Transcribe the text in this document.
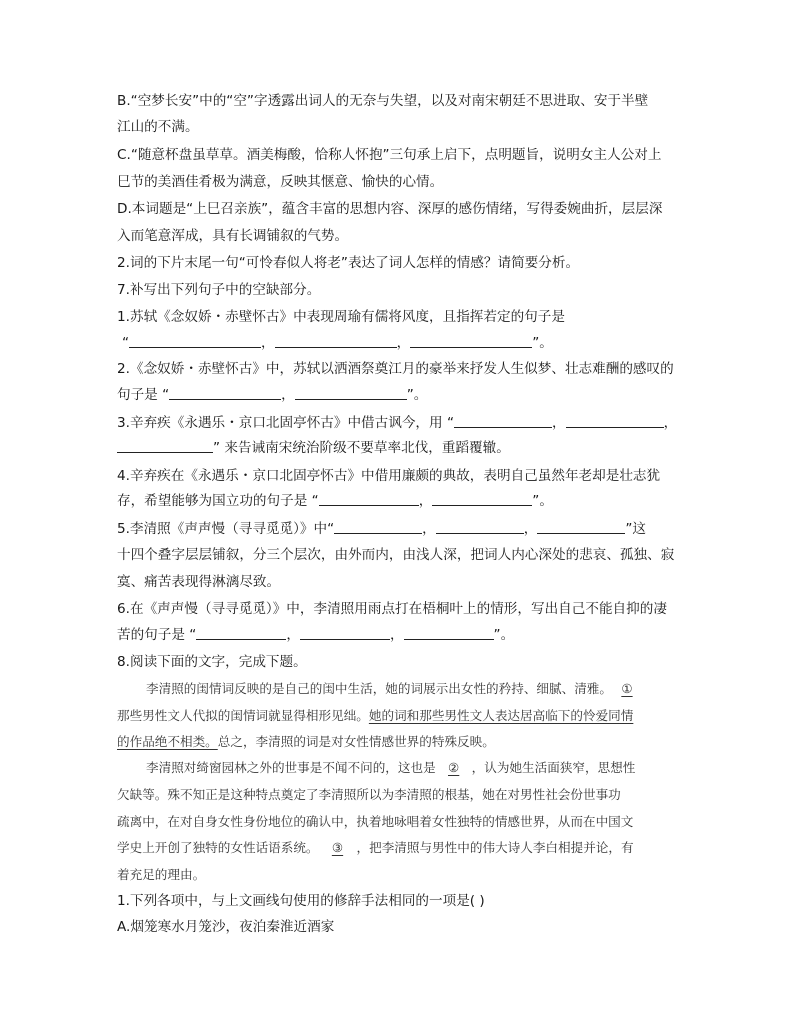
B.“空梦长安”中的“空”字透露出词人的无奈与失望，以及对南宋朝廷不思进取、安于半壁
江山的不满。
C.“随意杯盘虽草草。酒美梅酸，恰称人怀抱”三句承上启下，点明题旨，说明女主人公对上
巳节的美酒佳肴极为满意，反映其惬意、愉快的心情。
D.本词题是“上巳召亲族”，蕴含丰富的思想内容、深厚的感伤情绪，写得委婉曲折，层层深
入而笔意浑成，具有长调铺叙的气势。
2.词的下片末尾一句“可怜春似人将老”表达了词人怎样的情感？请简要分析。
7.补写出下列句子中的空缺部分。
1.苏轼《念奴娇・赤壁怀古》中表现周瑜有儒将风度，且指挥若定的句子是
“	，	，	”。
2.《念奴娇・赤壁怀古》中，苏轼以洒酒祭奠江月的豪举来抒发人生似梦、壮志难酬的感叹的
句子是 “	，	”。
3.辛弃疾《永遇乐・京口北固亭怀古》中借古讽今，用 “	，	，
” 来告诫南宋统治阶级不要草率北伐，重蹈覆辙。
4.辛弃疾在《永遇乐・京口北固亭怀古》中借用廉颇的典故，表明自己虽然年老却是壮志犹
存，希望能够为国立功的句子是 “	，	”。
5.李清照《声声慢（寻寻觅觅）》中“	，	，	”这
十四个叠字层层铺叙，分三个层次，由外而内，由浅人深，把词人内心深处的悲哀、孤独、寂
寞、痛苦表现得淋漓尽致。
6.在《声声慢（寻寻觅觅）》中，李清照用雨点打在梧桐叶上的情形，写出自己不能自抑的凄
苦的句子是 “	，	，	”。
8.阅读下面的文字，完成下题。
李清照的闺情词反映的是自己的闺中生活，她的词展示出女性的矜持、细腻、清雅。 ①
那些男性文人代拟的闺情词就显得相形见绌。她的词和那些男性文人表达居高临下的怜爱同情
的作品绝不相类。总之，李清照的词是对女性情感世界的特殊反映。
李清照对绮窗园林之外的世事是不闻不问的，这也是 ② ，认为她生活面狭窄，思想性
欠缺等。殊不知正是这种特点奠定了李清照所以为李清照的根基，她在对男性社会份世事功
疏离中，在对自身女性身份地位的确认中，执着地咏唱着女性独特的情感世界，从而在中国文
学史上开创了独特的女性话语系统。 ③ ，把李清照与男性中的伟大诗人李白相提并论，有
着充足的理由。
1.下列各项中，与上文画线句使用的修辞手法相同的一项是( )
A.烟笼寒水月笼沙，夜泊秦淮近酒家
